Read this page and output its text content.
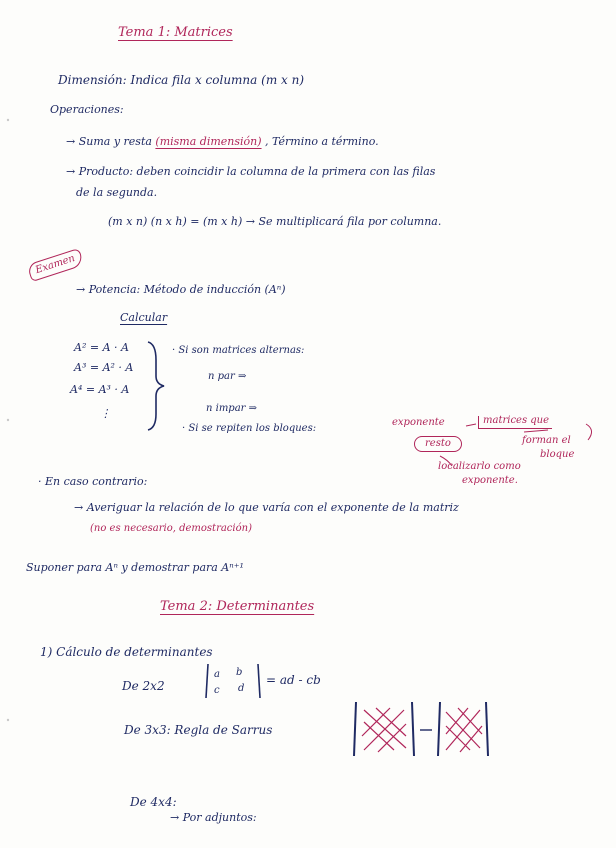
Tema 1: Matrices
Dimensión: Indica fila x columna (m x n)
Operaciones:
→ Suma y resta (misma dimensión) , Término a término.
→ Producto: deben coincidir la columna de la primera con las filas
de la segunda.
(m x n) (n x h) = (m x h) → Se multiplicará fila por columna.
Examen
→ Potencia: Método de inducción (Aⁿ)
Calcular
A² = A · A
A³ = A² · A
A⁴ = A³ · A
⋮
· Si son matrices alternas:
n par ⇒
n impar ⇒
· Si se repiten los bloques:
exponente	matrices que
forman el
bloque
resto
localizarlo como
exponente.
· En caso contrario:
→ Averiguar la relación de lo que varía con el exponente de la matriz
(no es necesario, demostración)
Suponer para Aⁿ y demostrar para Aⁿ⁺¹
Tema 2: Determinantes
1) Cálculo de determinantes
De 2x2
a b
c d
= ad - cb
De 3x3: Regla de Sarrus
De 4x4:
→ Por adjuntos:
